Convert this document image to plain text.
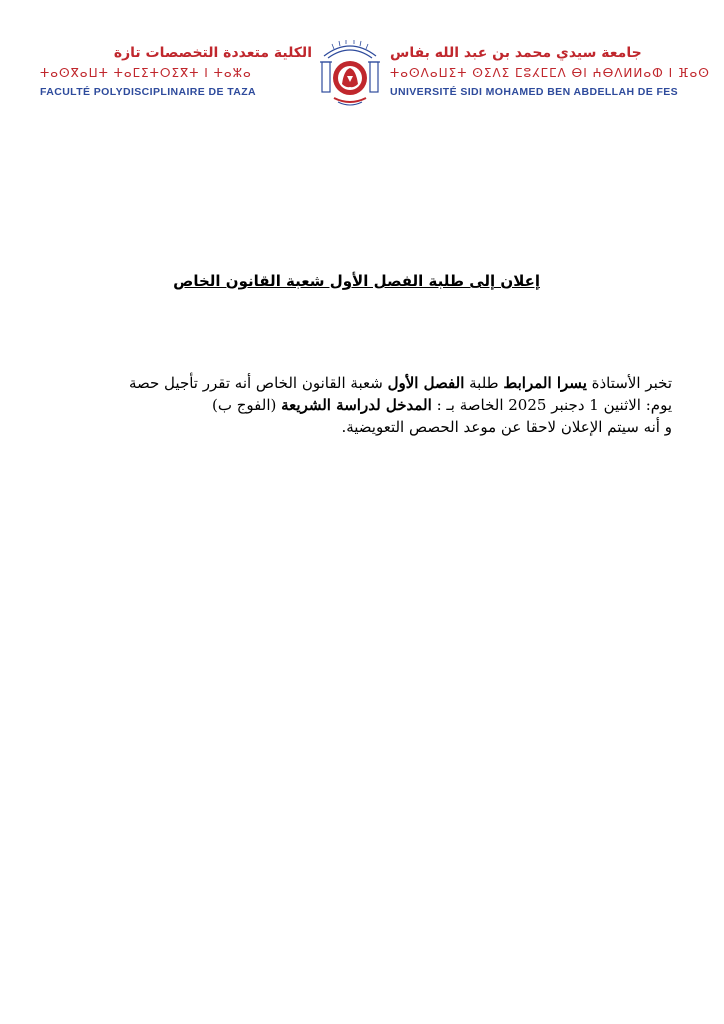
الكلية متعددة التخصصات تازة
ⵜⴰⵙⴳⴰⵡⵜ ⵜⴰⵎⵉⵜⵔⵉⴳⵜ ⵏ ⵜⴰⵣⴰ
FACULTÉ POLYDISCIPLINAIRE DE TAZA
جامعة سيدي محمد بن عبد الله بفاس
ⵜⴰⵙⴷⴰⵡⵉⵜ ⵙⵉⴷⵉ ⵎⵓⵃⵎⵎⴷ ⴱⵏ ⵄⴱⴷⵍⵍⴰⵀ ⵏ ⴼⴰⵙ
UNIVERSITÉ SIDI MOHAMED BEN ABDELLAH DE FES
إعلان إلى طلبة الفصل الأول شعبة القانون الخاص
تخبر الأستاذة يسرا المرابط طلبة الفصل الأول شعبة القانون الخاص أنه تقرر تأجيل حصة
يوم: الاثنين 1 دجنبر 2025 الخاصة بـ : المدخل لدراسة الشريعة (الفوج ب)
و أنه سيتم الإعلان لاحقا عن موعد الحصص التعويضية.
